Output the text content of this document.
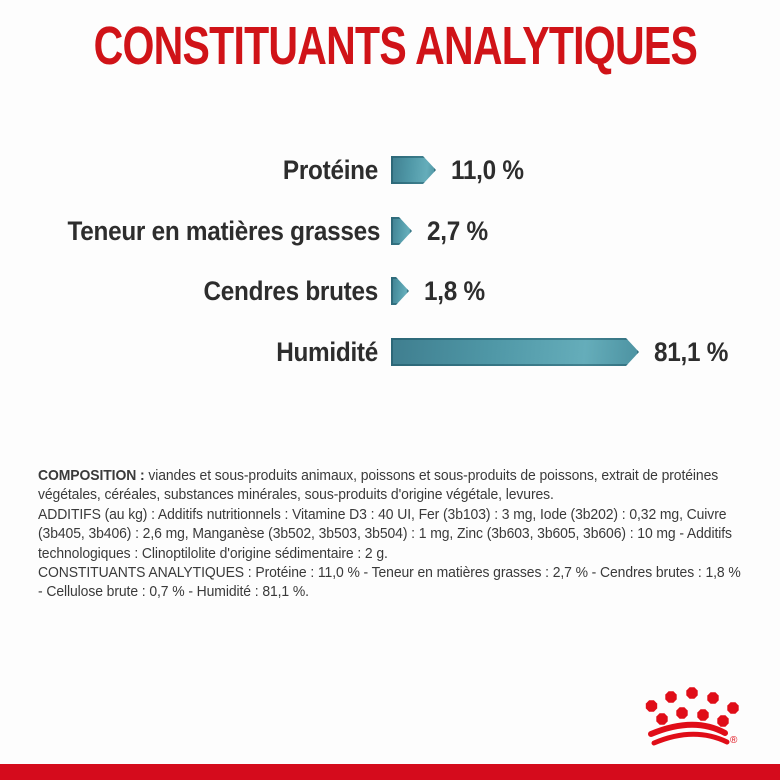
CONSTITUANTS ANALYTIQUES
Protéine	11,0 %
Teneur en matières grasses 2,7 %
Cendres brutes 1,8 %
Humidité	81,1 %

COMPOSITION : viandes et sous-produits animaux, poissons et sous-produits de poissons, extrait de protéines végétales, céréales, substances minérales, sous-produits d'origine végétale, levures.

ADDITIFS (au kg) : Additifs nutritionnels : Vitamine D3 : 40 UI, Fer (3b103) : 3 mg, Iode (3b202) : 0,32 mg, Cuivre (3b405, 3b406) : 2,6 mg, Manganèse (3b502, 3b503, 3b504) : 1 mg, Zinc (3b603, 3b605, 3b606) : 10 mg - Additifs technologiques : Clinoptilolite d'origine sédimentaire : 2 g.

CONSTITUANTS ANALYTIQUES : Protéine : 11,0 % - Teneur en matières grasses : 2,7 % - Cendres brutes : 1,8 % - Cellulose brute : 0,7 % - Humidité : 81,1 %.

®
